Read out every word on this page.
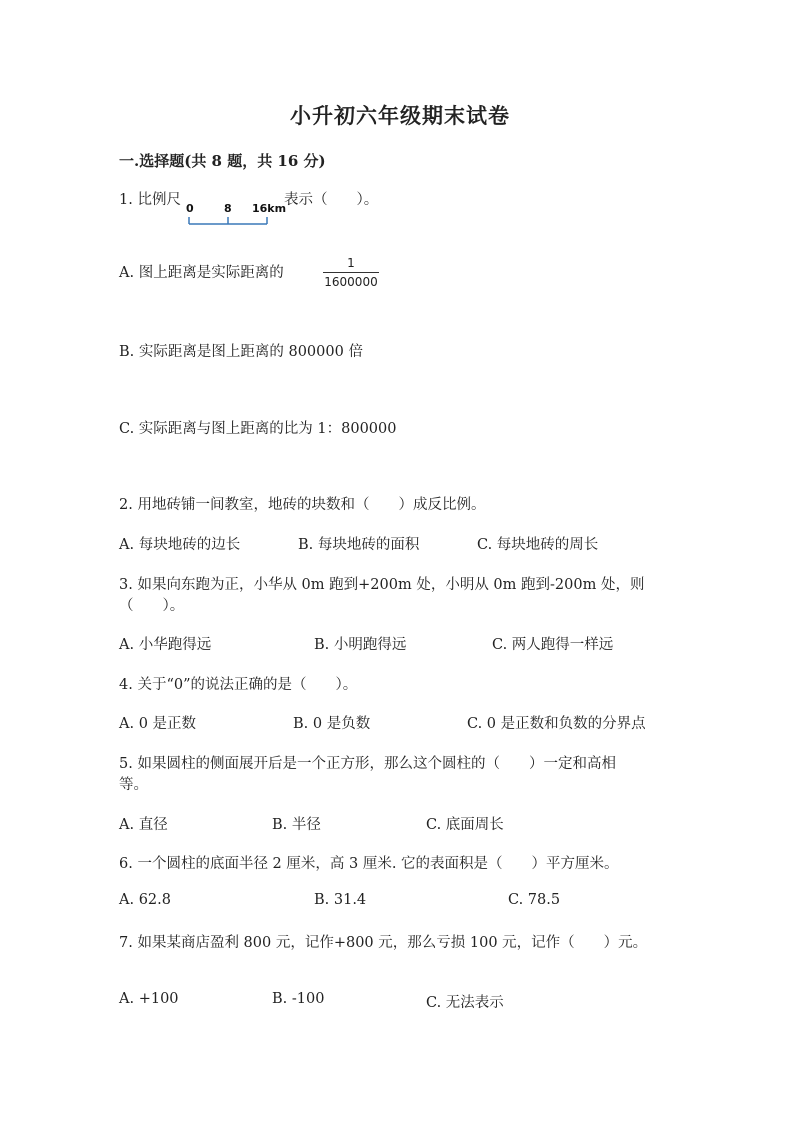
小升初六年级期末试卷
一.选择题(共 8 题，共 16 分)
1. 比例尺
0	8 16km
表示（　　）。
A. 图上距离是实际距离的
1
1600000
B. 实际距离是图上距离的 800000 倍
C. 实际距离与图上距离的比为 1：800000
2. 用地砖铺一间教室，地砖的块数和（　　）成反比例。
A. 每块地砖的边长	B. 每块地砖的面积	C. 每块地砖的周长
3. 如果向东跑为正，小华从 0m 跑到+200m 处，小明从 0m 跑到-200m 处，则
（　　）。
A. 小华跑得远	B. 小明跑得远	C. 两人跑得一样远
4. 关于“0”的说法正确的是（　　）。
A. 0 是正数	B. 0 是负数	C. 0 是正数和负数的分界点
5. 如果圆柱的侧面展开后是一个正方形，那么这个圆柱的（　　）一定和高相
等。
A. 直径	B. 半径	C. 底面周长
6. 一个圆柱的底面半径 2 厘米，高 3 厘米. 它的表面积是（　　）平方厘米。
A. 62.8	B. 31.4	C. 78.5
7. 如果某商店盈利 800 元，记作+800 元，那么亏损 100 元，记作（　　）元。
A. +100	B. -100	C. 无法表示
